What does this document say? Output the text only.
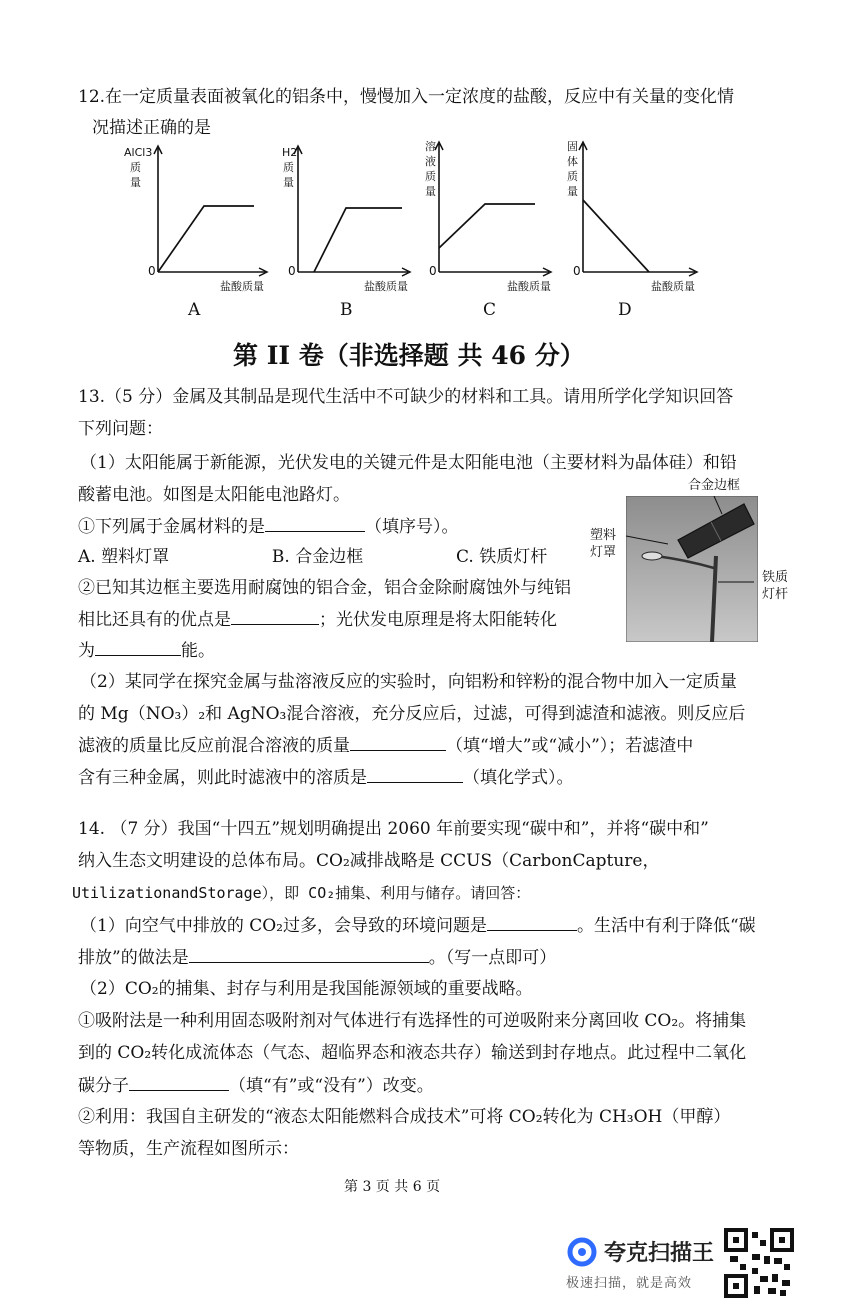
12.在一定质量表面被氧化的铝条中，慢慢加入一定浓度的盐酸，反应中有关量的变化情
况描述正确的是
0
AlCl3
质
量
盐酸质量
A
0
H2
质
量
盐酸质量
B
0
溶
液
质
量
盐酸质量
C
0
固
体
质
量
盐酸质量
D
第 II 卷（非选择题 共 46 分）
13.（5 分）金属及其制品是现代生活中不可缺少的材料和工具。请用所学化学知识回答
下列问题：
（1）太阳能属于新能源，光伏发电的关键元件是太阳能电池（主要材料为晶体硅）和铅
酸蓄电池。如图是太阳能电池路灯。
①下列属于金属材料的是	（填序号）。
A. 塑料灯罩	B. 合金边框	C. 铁质灯杆
②已知其边框主要选用耐腐蚀的铝合金，铝合金除耐腐蚀外与纯铝
相比还具有的优点是	；光伏发电原理是将太阳能转化
为	能。
（2）某同学在探究金属与盐溶液反应的实验时，向铝粉和锌粉的混合物中加入一定质量
的 Mg（NO₃）₂和 AgNO₃混合溶液，充分反应后，过滤，可得到滤渣和滤液。则反应后
滤液的质量比反应前混合溶液的质量	（填“增大”或“减小”）；若滤渣中
含有三种金属，则此时滤液中的溶质是	（填化学式）。
合金边框
塑料
灯罩
铁质
灯杆
14. （7 分）我国“十四五”规划明确提出 2060 年前要实现“碳中和”，并将“碳中和”
纳入生态文明建设的总体布局。CO₂减排战略是 CCUS（CarbonCapture，
UtilizationandStorage），即 CO₂捕集、利用与储存。请回答：
（1）向空气中排放的 CO₂过多，会导致的环境问题是	。生活中有利于降低“碳
排放”的做法是	。（写一点即可）
（2）CO₂的捕集、封存与利用是我国能源领域的重要战略。
①吸附法是一种利用固态吸附剂对气体进行有选择性的可逆吸附来分离回收 CO₂。将捕集
到的 CO₂转化成流体态（气态、超临界态和液态共存）输送到封存地点。此过程中二氧化
碳分子	（填“有”或“没有”）改变。
②利用：我国自主研发的“液态太阳能燃料合成技术”可将 CO₂转化为 CH₃OH（甲醇）
等物质，生产流程如图所示：
第 3 页 共 6 页
夸克扫描王
极速扫描，就是高效
